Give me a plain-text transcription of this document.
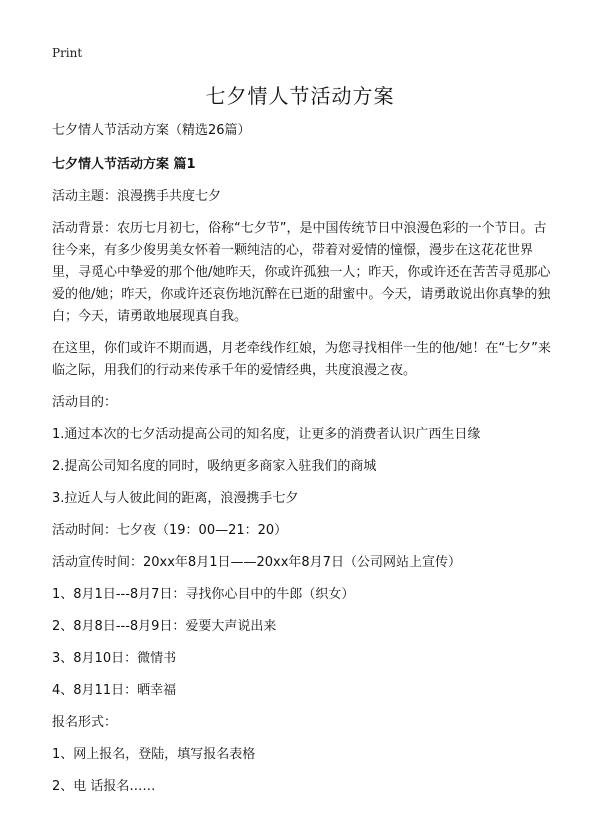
Print
七夕情人节活动方案

七夕情人节活动方案（精选26篇）

七夕情人节活动方案 篇1

活动主题：浪漫携手共度七夕

活动背景：农历七月初七，俗称“七夕节”，是中国传统节日中浪漫色彩的一个节日。古往今来，有多少俊男美女怀着一颗纯洁的心，带着对爱情的憧憬，漫步在这花花世界里，寻觅心中挚爱的那个他/她昨天，你或许孤独一人；昨天，你或许还在苦苦寻觅那心爱的他/她；昨天，你或许还哀伤地沉醉在已逝的甜蜜中。今天，请勇敢说出你真挚的独白；今天，请勇敢地展现真自我。

在这里，你们或许不期而遇，月老牵线作红娘，为您寻找相伴一生的他/她！在“七夕”来临之际，用我们的行动来传承千年的爱情经典，共度浪漫之夜。

活动目的：

1.通过本次的七夕活动提高公司的知名度，让更多的消费者认识广西生日缘

2.提高公司知名度的同时，吸纳更多商家入驻我们的商城

3.拉近人与人彼此间的距离，浪漫携手七夕

活动时间：七夕夜（19：00—21：20）

活动宣传时间：20xx年8月1日——20xx年8月7日（公司网站上宣传）

1、8月1日---8月7日：寻找你心目中的牛郎（织女）

2、8月8日---8月9日：爱要大声说出来

3、8月10日：微情书

4、8月11日：晒幸福

报名形式：

1、网上报名，登陆，填写报名表格

2、电 话报名……
